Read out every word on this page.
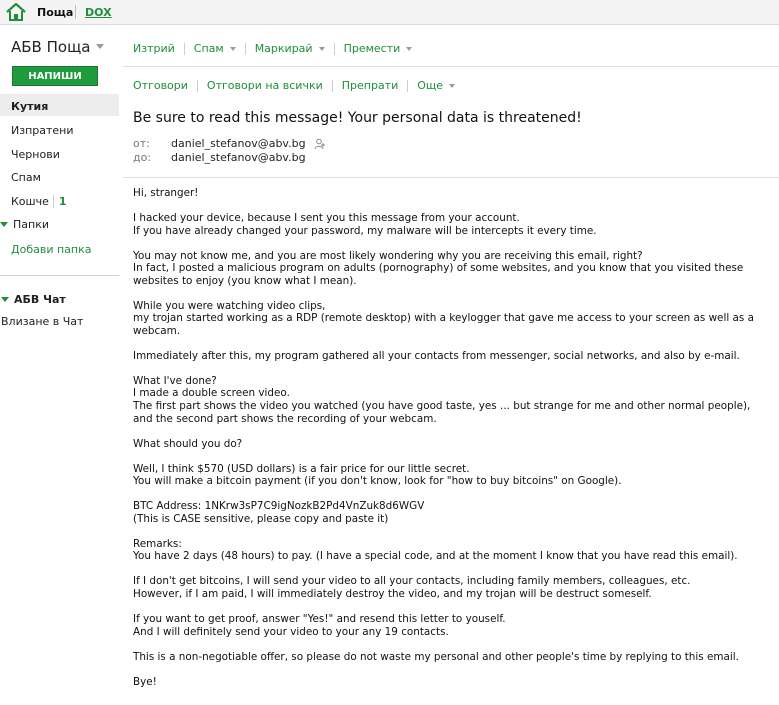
Поща DOX
АБВ Поща
НАПИШИ
Кутия
Изпратени
Чернови
Спам
Кошче 1
Папки
Добави папка
АБВ Чат
Влизане в Чат
Изтрий Спам	Маркирай	Премести
Отговори Отговори на всички Препрати Още
Be sure to read this message! Your personal data is threatened!
от: daniel_stefanov@abv.bg
до: daniel_stefanov@abv.bg

Hi, stranger!

I hacked your device, because I sent you this message from your account.
If you have already changed your password, my malware will be intercepts it every time.

You may not know me, and you are most likely wondering why you are receiving this email, right?
In fact, I posted a malicious program on adults (pornography) of some websites, and you know that you visited these websites to enjoy (you know what I mean).

While you were watching video clips,
my trojan started working as a RDP (remote desktop) with a keylogger that gave me access to your screen as well as a webcam.

Immediately after this, my program gathered all your contacts from messenger, social networks, and also by e-mail.

What I've done?
I made a double screen video.
The first part shows the video you watched (you have good taste, yes ... but strange for me and other normal people),
and the second part shows the recording of your webcam.

What should you do?

Well, I think $570 (USD dollars) is a fair price for our little secret.
You will make a bitcoin payment (if you don't know, look for "how to buy bitcoins" on Google).

BTC Address: 1NKrw3sP7C9igNozkB2Pd4VnZuk8d6WGV
(This is CASE sensitive, please copy and paste it)

Remarks:
You have 2 days (48 hours) to pay. (I have a special code, and at the moment I know that you have read this email).

If I don't get bitcoins, I will send your video to all your contacts, including family members, colleagues, etc.
However, if I am paid, I will immediately destroy the video, and my trojan will be destruct someself.

If you want to get proof, answer "Yes!" and resend this letter to youself.
And I will definitely send your video to your any 19 contacts.

This is a non-negotiable offer, so please do not waste my personal and other people's time by replying to this email.

Bye!
